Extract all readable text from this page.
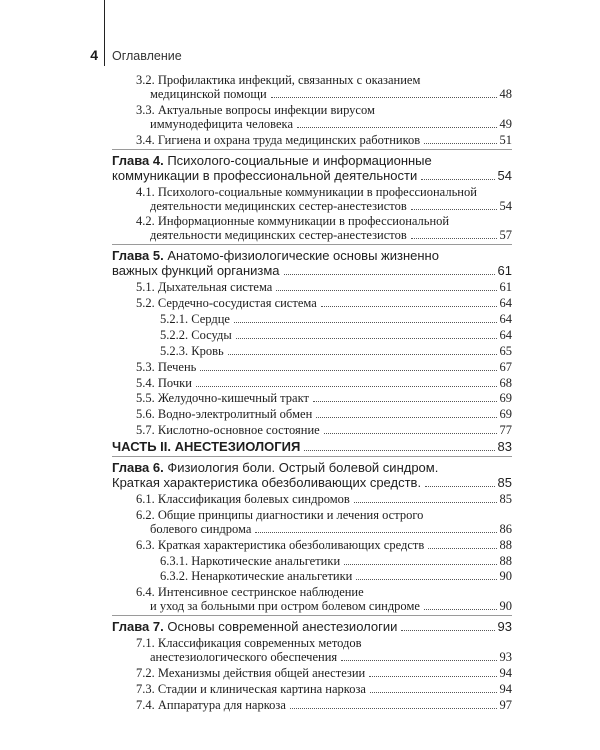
4 Оглавление
3.2. Профилактика инфекций, связанных с оказанием
медицинской помощи	48
3.3. Актуальные вопросы инфекции вирусом
иммунодефицита человека	49
3.4. Гигиена и охрана труда медицинских работников	51
Глава 4. Психолого-социальные и информационные
коммуникации в профессиональной деятельности	54
4.1. Психолого-социальные коммуникации в профессиональной
деятельности медицинских сестер-анестезистов	54
4.2. Информационные коммуникации в профессиональной
деятельности медицинских сестер-анестезистов	57
Глава 5. Анатомо-физиологические основы жизненно
важных функций организма	61
5.1. Дыхательная система	61
5.2. Сердечно-сосудистая система	64
5.2.1. Сердце	64
5.2.2. Сосуды	64
5.2.3. Кровь	65
5.3. Печень	67
5.4. Почки	68
5.5. Желудочно-кишечный тракт	69
5.6. Водно-электролитный обмен	69
5.7. Кислотно-основное состояние	77
ЧАСТЬ II. АНЕСТЕЗИОЛОГИЯ	83
Глава 6. Физиология боли. Острый болевой синдром.
Краткая характеристика обезболивающих средств.	85
6.1. Классификация болевых синдромов	85
6.2. Общие принципы диагностики и лечения острого
болевого синдрома	86
6.3. Краткая характеристика обезболивающих средств	88
6.3.1. Наркотические анальгетики	88
6.3.2. Ненаркотические анальгетики	90
6.4. Интенсивное сестринское наблюдение
и уход за больными при остром болевом синдроме	90
Глава 7. Основы современной анестезиологии	93
7.1. Классификация современных методов
анестезиологического обеспечения	93
7.2. Механизмы действия общей анестезии	94
7.3. Стадии и клиническая картина наркоза	94
7.4. Аппаратура для наркоза	97
